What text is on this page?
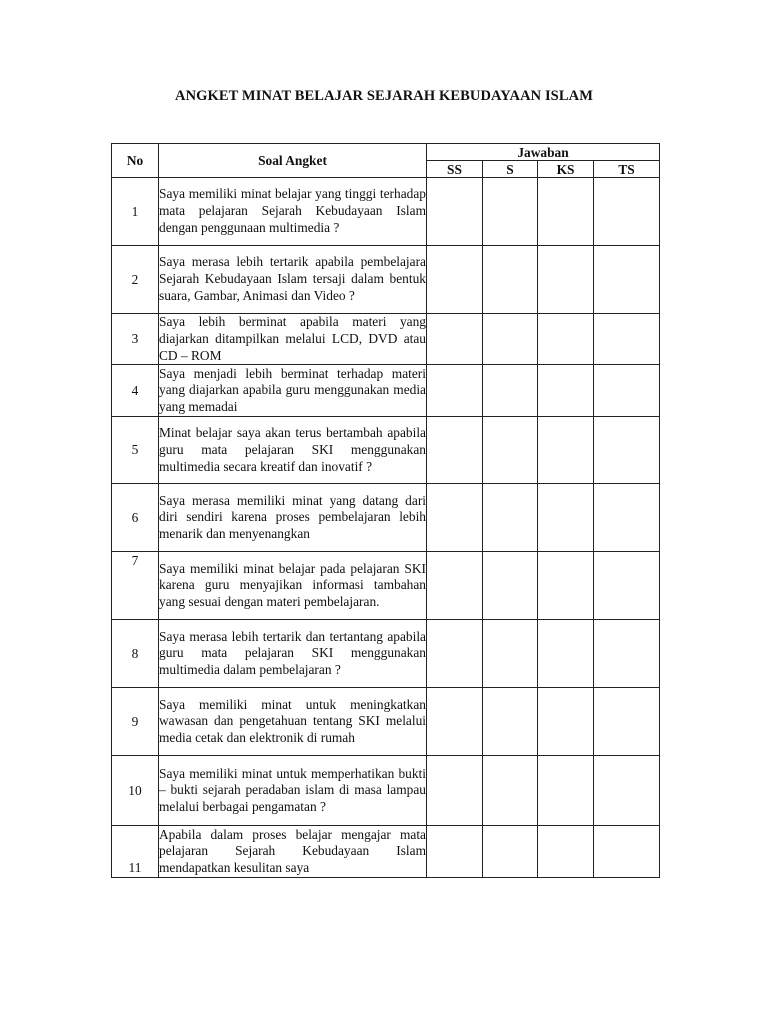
ANGKET MINAT BELAJAR SEJARAH KEBUDAYAAN ISLAM
No	Soal Angket	Jawaban			
		SS	S	KS	TS
1	Saya memiliki minat belajar yang tinggi terhadap mata pelajaran Sejarah Kebudayaan Islam dengan penggunaan multimedia ?				
2	Saya merasa lebih tertarik apabila pembelajara Sejarah Kebudayaan Islam tersaji dalam bentuk suara, Gambar, Animasi dan Video ?				
3	Saya lebih berminat apabila materi yang diajarkan ditampilkan melalui LCD, DVD atau CD – ROM				
4	Saya menjadi lebih berminat terhadap materi yang diajarkan apabila guru menggunakan media yang memadai				
5	Minat belajar saya akan terus bertambah apabila guru mata pelajaran SKI menggunakan multimedia secara kreatif dan inovatif ?				
6	Saya merasa memiliki minat yang datang dari diri sendiri karena proses pembelajaran lebih menarik dan menyenangkan				
7	Saya memiliki minat belajar pada pelajaran SKI karena guru menyajikan informasi tambahan yang sesuai dengan materi pembelajaran.				
8	Saya merasa lebih tertarik dan tertantang apabila guru mata pelajaran SKI menggunakan multimedia dalam pembelajaran ?				
9	Saya memiliki minat untuk meningkatkan wawasan dan pengetahuan tentang SKI melalui media cetak dan elektronik di rumah				
10	Saya memiliki minat untuk memperhatikan bukti – bukti sejarah peradaban islam di masa lampau melalui berbagai pengamatan ?				
11	Apabila dalam proses belajar mengajar mata pelajaran Sejarah Kebudayaan Islam mendapatkan kesulitan saya				
